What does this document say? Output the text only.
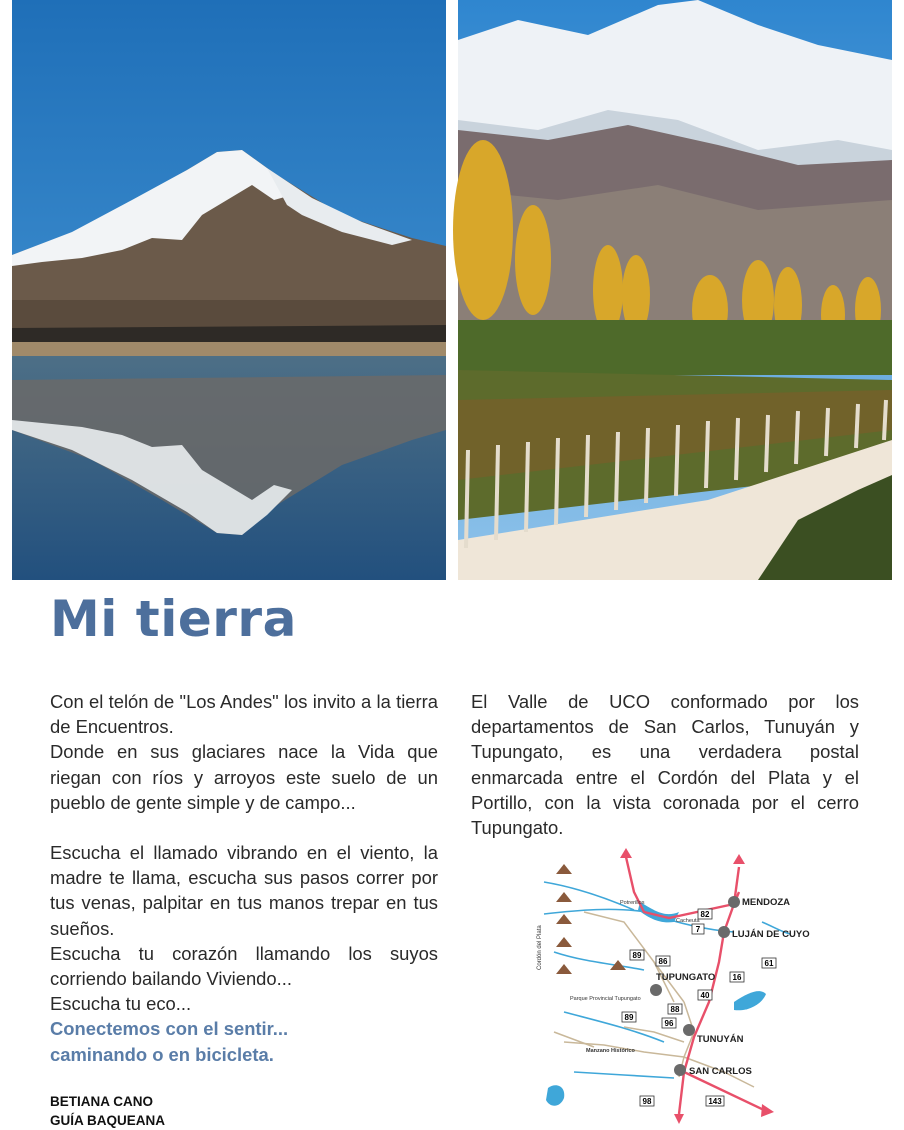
Mi tierra

Con el telón de "Los Andes" los invito a la tierra de Encuentros.

Donde en sus glaciares nace la Vida que riegan con ríos y arroyos este suelo de un pueblo de gente simple y de campo...

Escucha el llamado vibrando en el viento, la madre te llama, escucha sus pasos correr por tus venas, palpitar en tus manos trepar en tus sueños.

Escucha tu corazón llamando los suyos corriendo bailando Viviendo...

Escucha tu eco...

Conectemos con el sentir...

caminando o en bicicleta.

El Valle de UCO conformado por los departamentos de San Carlos, Tunuyán y Tupungato, es una verdadera postal enmarcada entre el Cordón del Plata y el Portillo, con la vista coronada por el cerro Tupungato.

BETIANA CANO
GUÍA BAQUEANA
82
7
89
86
40
16
61
88
89
96
98	143
MENDOZA
LUJÁN DE CUYO
TUPUNGATO
TUNUYÁN
SAN CARLOS
Potrerillos
Cacheuta
Manzano Histórico
Parque Provincial Tupungato
Cordón del Plata
